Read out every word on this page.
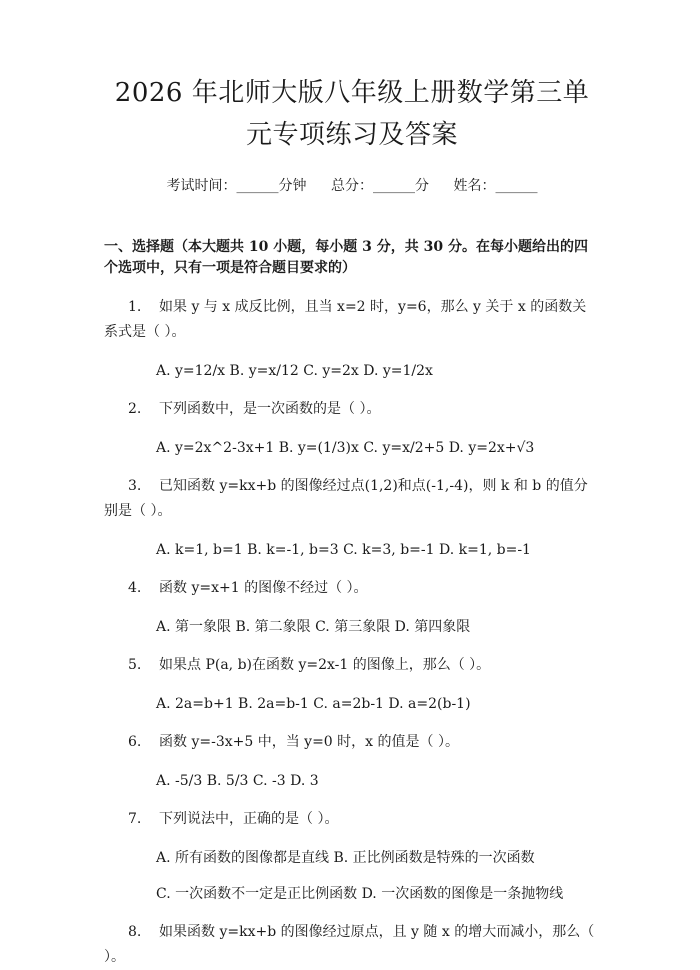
2026 年北师大版八年级上册数学第三单元专项练习及答案
考试时间：______分钟 总分：______分 姓名：______
一、选择题（本大题共 10 小题，每小题 3 分，共 30 分。在每小题给出的四个选项中，只有一项是符合题目要求的）
1. 如果 y 与 x 成反比例，且当 x=2 时，y=6，那么 y 关于 x 的函数关系式是（ ）。
A. y=12/x B. y=x/12 C. y=2x D. y=1/2x
2. 下列函数中，是一次函数的是（ ）。
A. y=2x^2-3x+1 B. y=(1/3)x C. y=x/2+5 D. y=2x+√3
3. 已知函数 y=kx+b 的图像经过点(1,2)和点(-1,-4)，则 k 和 b 的值分别是（ ）。
A. k=1, b=1 B. k=-1, b=3 C. k=3, b=-1 D. k=1, b=-1
4. 函数 y=x+1 的图像不经过（ ）。
A. 第一象限 B. 第二象限 C. 第三象限 D. 第四象限
5. 如果点 P(a, b)在函数 y=2x-1 的图像上，那么（ ）。
A. 2a=b+1 B. 2a=b-1 C. a=2b-1 D. a=2(b-1)
6. 函数 y=-3x+5 中，当 y=0 时，x 的值是（ ）。
A. -5/3 B. 5/3 C. -3 D. 3
7. 下列说法中，正确的是（ ）。
A. 所有函数的图像都是直线 B. 正比例函数是特殊的一次函数
C. 一次函数不一定是正比例函数 D. 一次函数的图像是一条抛物线
8. 如果函数 y=kx+b 的图像经过原点，且 y 随 x 的增大而减小，那么（ ）。
